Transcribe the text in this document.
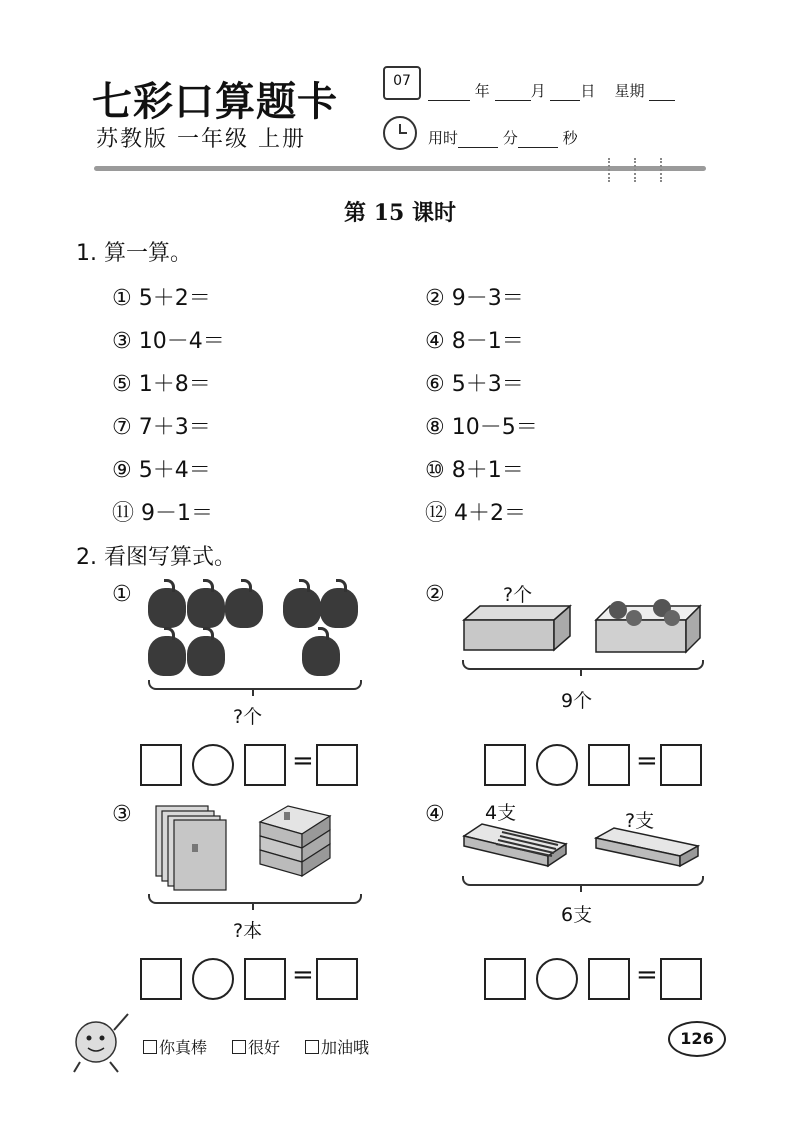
七彩口算题卡
苏教版 一年级 上册
07
年	月 日 星期
用时	分	秒
第 15 课时
1. 算一算。
① 5＋2＝	② 9－3＝
③ 10－4＝	④ 8－1＝
⑤ 1＋8＝	⑥ 5＋3＝
⑦ 7＋3＝	⑧ 10－5＝
⑨ 5＋4＝	⑩ 8＋1＝
⑪ 9－1＝	⑫ 4＋2＝
2. 看图写算式。
①
?个
②	?个
9个
=	=
③
?本
④ 4支	?支
6支
=	=
你真棒	很好	加油哦	126
